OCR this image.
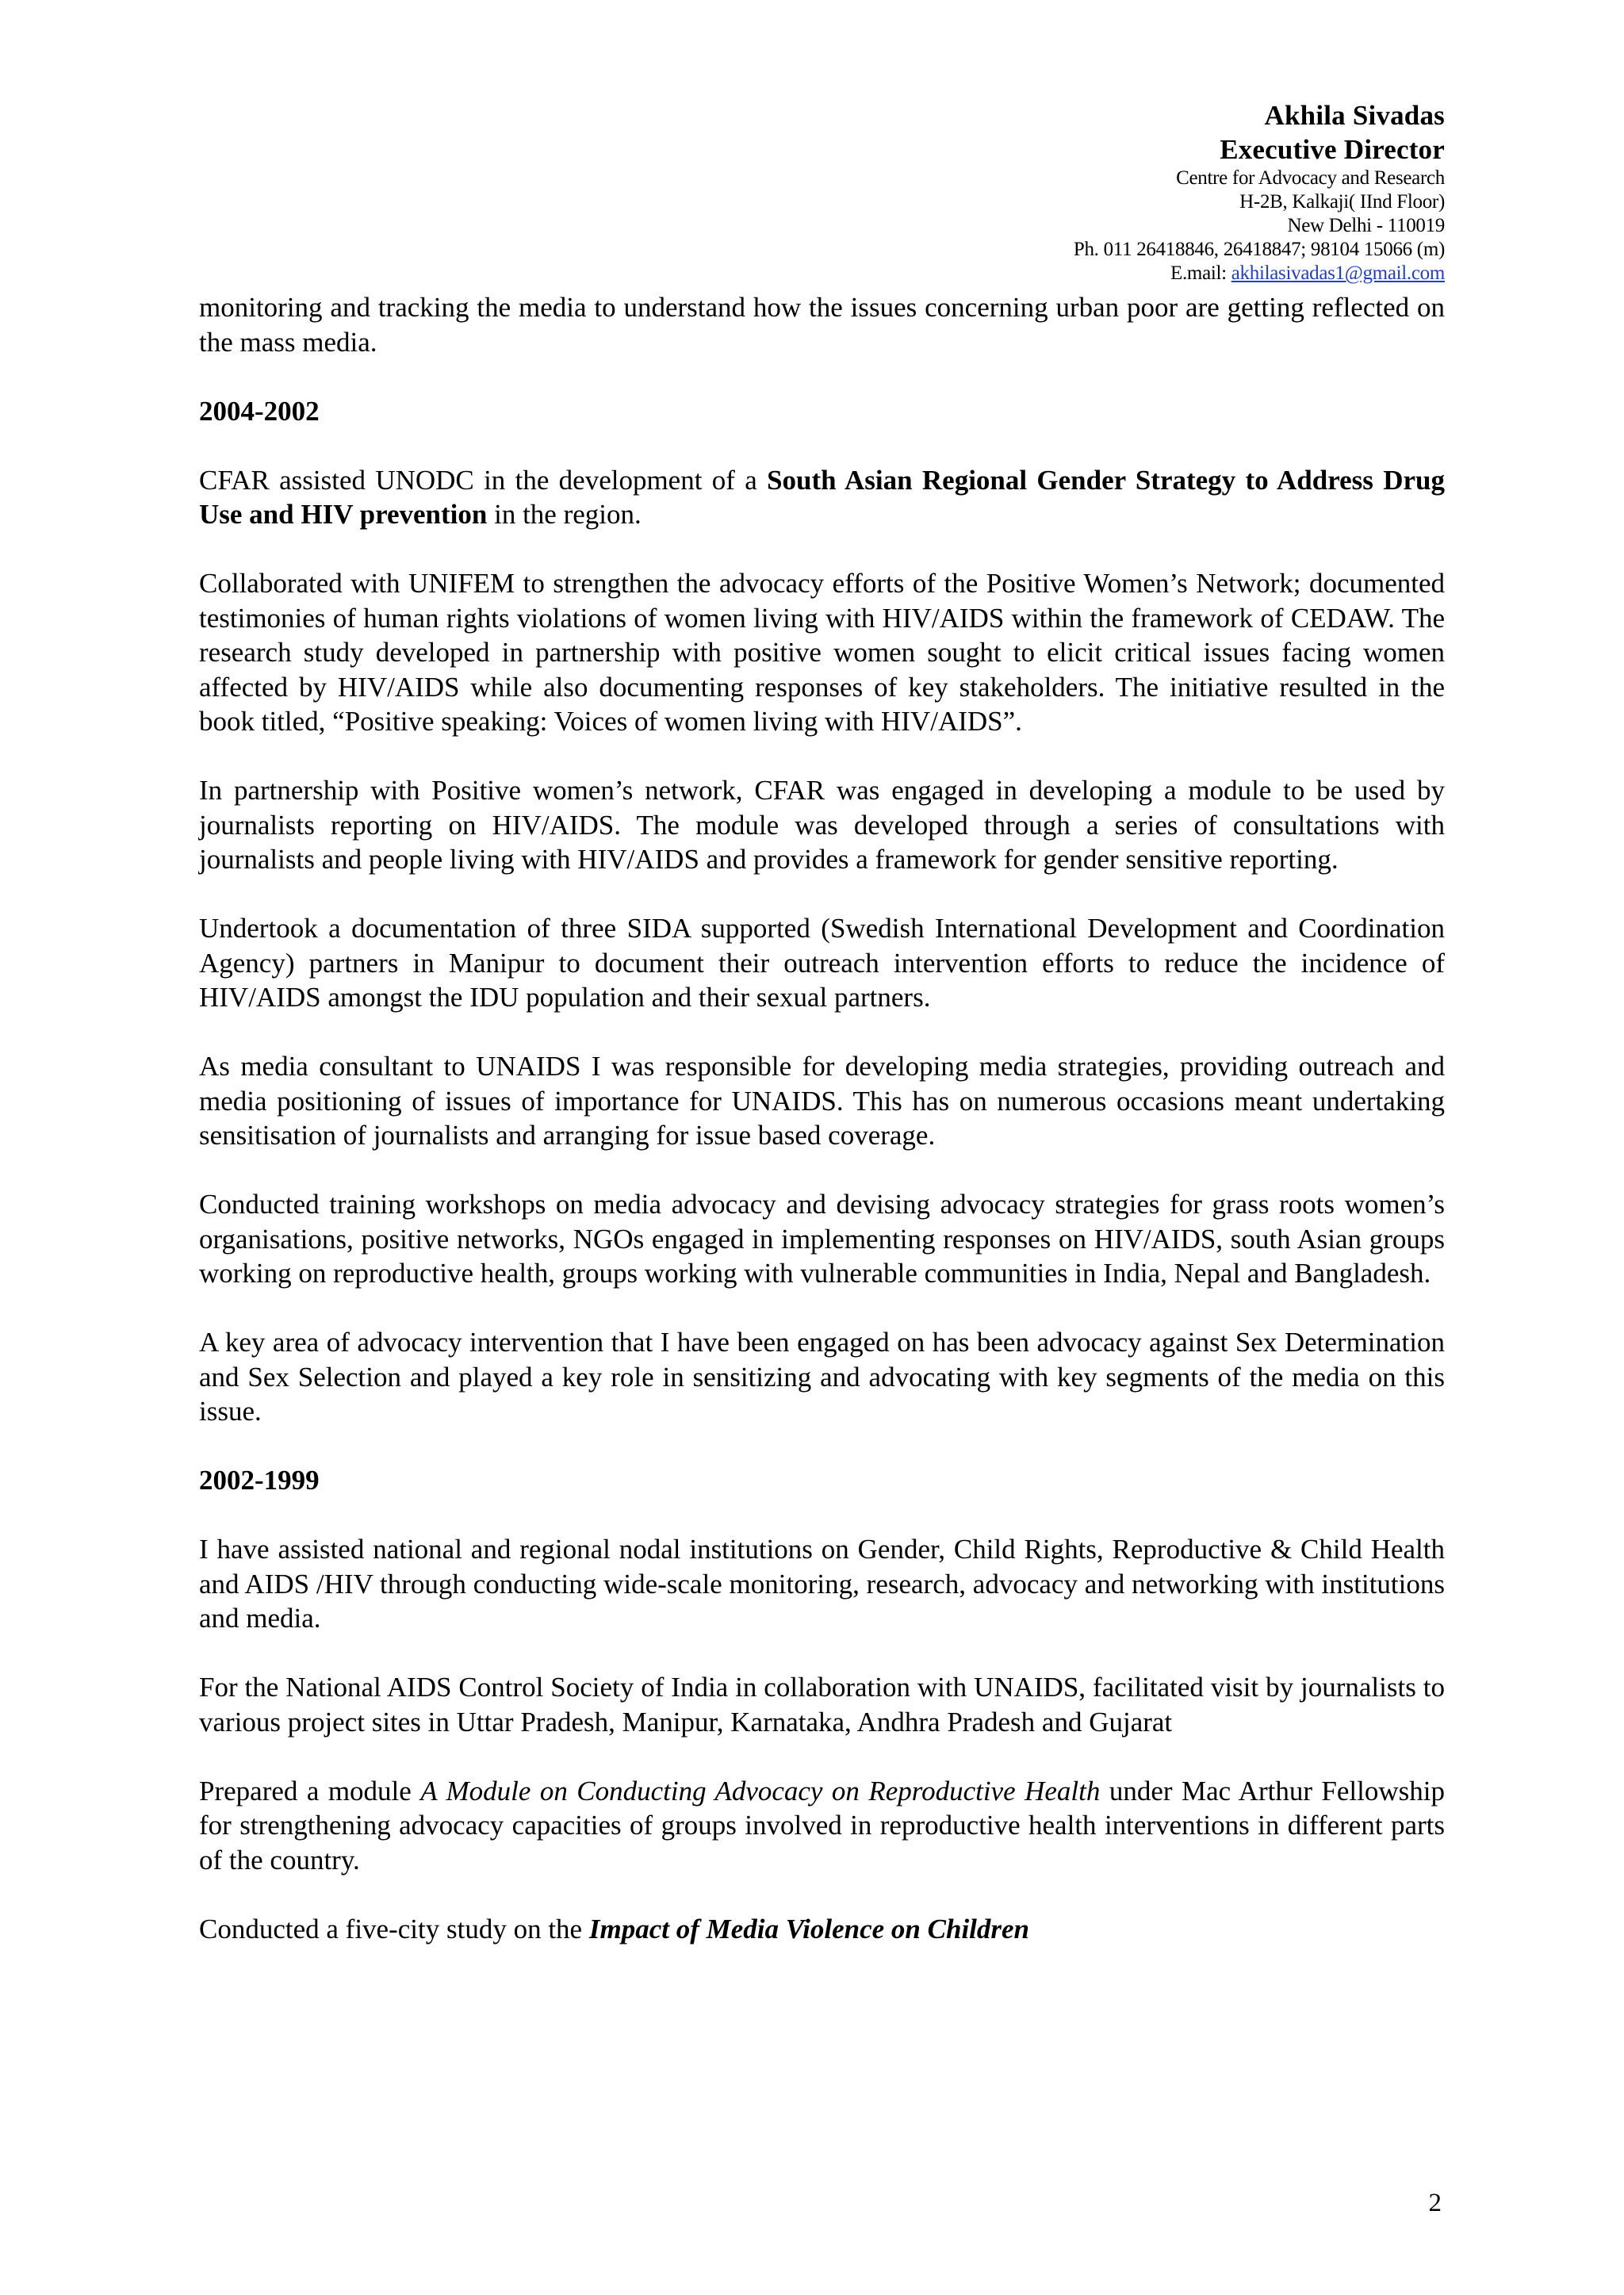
Akhila Sivadas
Executive Director
Centre for Advocacy and Research
H-2B, Kalkaji( IInd Floor)
New Delhi - 110019
Ph. 011 26418846, 26418847; 98104 15066 (m)
E.mail: akhilasivadas1@gmail.com

monitoring and tracking the media to understand how the issues concerning urban poor are getting reflected on the mass media.

2004-2002

CFAR assisted UNODC in the development of a South Asian Regional Gender Strategy to Address Drug Use and HIV prevention in the region.

Collaborated with UNIFEM to strengthen the advocacy efforts of the Positive Women’s Network; documented testimonies of human rights violations of women living with HIV/AIDS within the framework of CEDAW. The research study developed in partnership with positive women sought to elicit critical issues facing women affected by HIV/AIDS while also documenting responses of key stakeholders. The initiative resulted in the book titled, “Positive speaking: Voices of women living with HIV/AIDS”.

In partnership with Positive women’s network, CFAR was engaged in developing a module to be used by journalists reporting on HIV/AIDS. The module was developed through a series of consultations with journalists and people living with HIV/AIDS and provides a framework for gender sensitive reporting.

Undertook a documentation of three SIDA supported (Swedish International Development and Coordination Agency) partners in Manipur to document their outreach intervention efforts to reduce the incidence of HIV/AIDS amongst the IDU population and their sexual partners.

As media consultant to UNAIDS I was responsible for developing media strategies, providing outreach and media positioning of issues of importance for UNAIDS. This has on numerous occasions meant undertaking sensitisation of journalists and arranging for issue based coverage.

Conducted training workshops on media advocacy and devising advocacy strategies for grass roots women’s organisations, positive networks, NGOs engaged in implementing responses on HIV/AIDS, south Asian groups working on reproductive health, groups working with vulnerable communities in India, Nepal and Bangladesh.

A key area of advocacy intervention that I have been engaged on has been advocacy against Sex Determination and Sex Selection and played a key role in sensitizing and advocating with key segments of the media on this issue.

2002-1999

I have assisted national and regional nodal institutions on Gender, Child Rights, Reproductive & Child Health and AIDS /HIV through conducting wide-scale monitoring, research, advocacy and networking with institutions and media.

For the National AIDS Control Society of India in collaboration with UNAIDS, facilitated visit by journalists to various project sites in Uttar Pradesh, Manipur, Karnataka, Andhra Pradesh and Gujarat

Prepared a module A Module on Conducting Advocacy on Reproductive Health under Mac Arthur Fellowship for strengthening advocacy capacities of groups involved in reproductive health interventions in different parts of the country.

Conducted a five-city study on the Impact of Media Violence on Children

2
